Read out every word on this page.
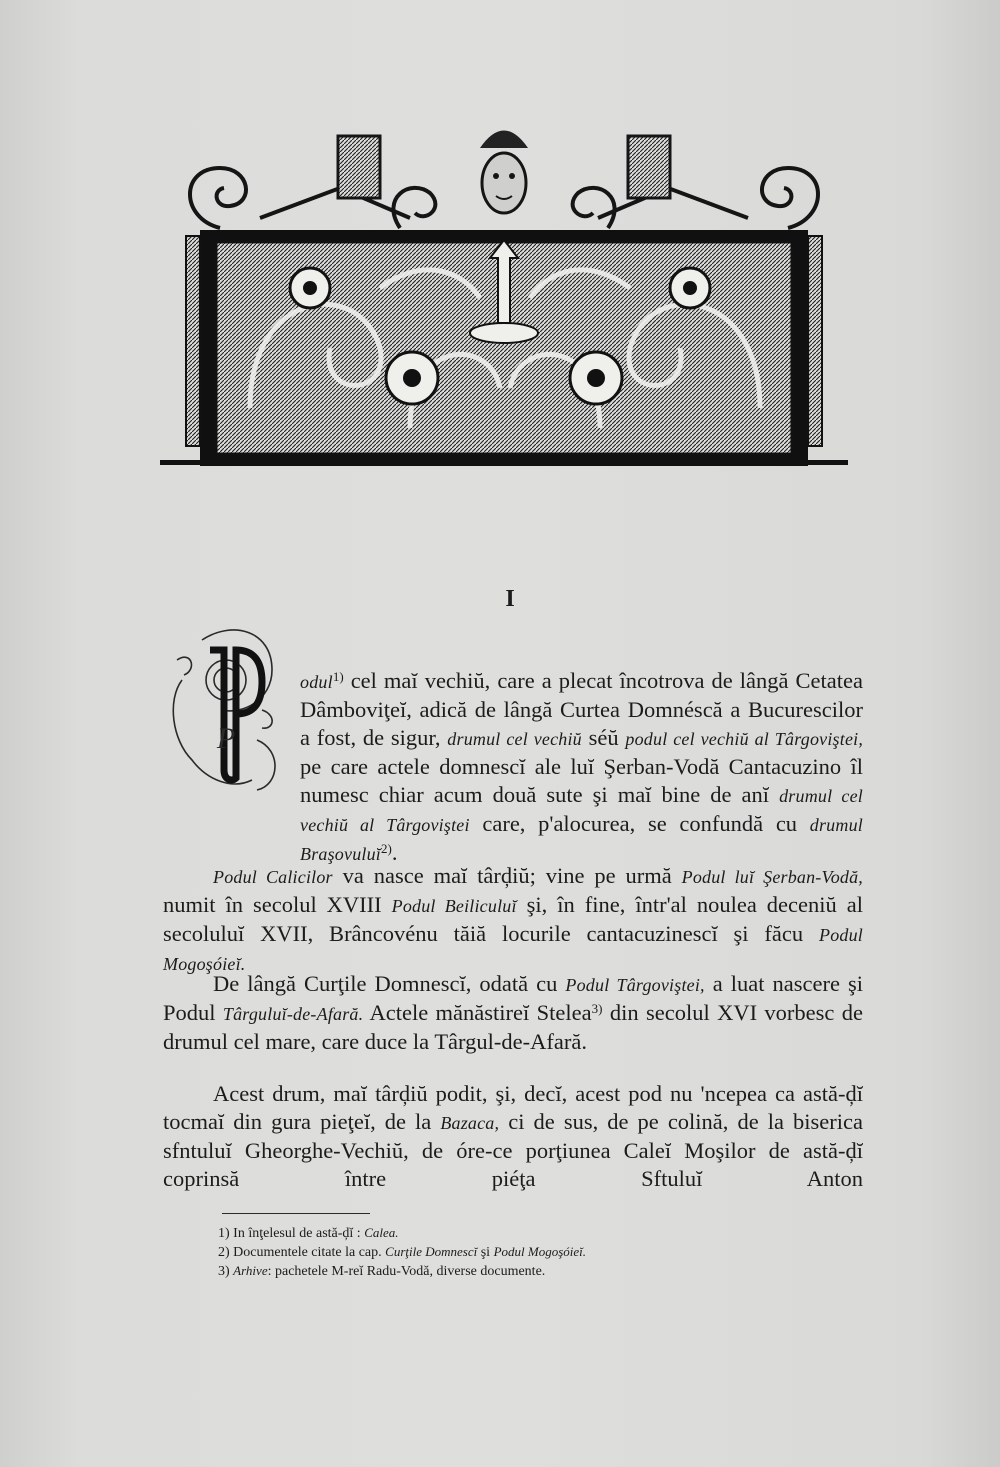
I
P

odul$^{1)}$ cel maĭ vechiŭ, care a plecat încotrova de lângă Cetatea Dâmboviţeĭ, adică de lângă Curtea Domnéscă a Bucurescilor a fost, de sigur, drumul cel vechiŭ séŭ podul cel vechiŭ al Târgoviştei, pe care actele domnescĭ ale luĭ Şerban-Vodă Cantacuzino îl numesc chiar acum două sute şi maĭ bine de anĭ drumul cel vechiŭ al Târgoviştei care, p'alocurea, se confundă cu drumul Braşovuluĭ$^{2)}$.

Podul Calicilor va nasce maĭ târḑiŭ; vine pe urmă Podul luĭ Şerban-Vodă, numit în secolul XVIII Podul Beiliculuĭ şi, în fine, într'al noulea deceniŭ al secoluluĭ XVII, Brâncovénu tăiă locurile cantacuzinescĭ şi făcu Podul Mogoşóieĭ.

De lângă Curţile Domnescĭ, odată cu Podul Târgoviştei, a luat nascere şi Podul Târguluĭ-de-Afară. Actele mănăstireĭ Stelea$^{3)}$ din secolul XVI vorbesc de drumul cel mare, care duce la Târgul-de-Afară.

Acest drum, maĭ târḑiŭ podit, şi, decĭ, acest pod nu 'ncepea ca astă-ḑĭ tocmaĭ din gura pieţeĭ, de la Bazaca, ci de sus, de pe colină, de la biserica sfntuluĭ Gheorghe-Vechiŭ, de óre-ce porţiunea Caleĭ Moşilor de astă-ḑĭ coprinsă între piéţa Sftuluĭ Anton

1) In înţelesul de astă-ḑĭ : Calea.
2) Documentele citate la cap. Curţile Domnescĭ şi Podul Mogoşóieĭ.
3) Arhive: pachetele M-reĭ Radu-Vodă, diverse documente.
